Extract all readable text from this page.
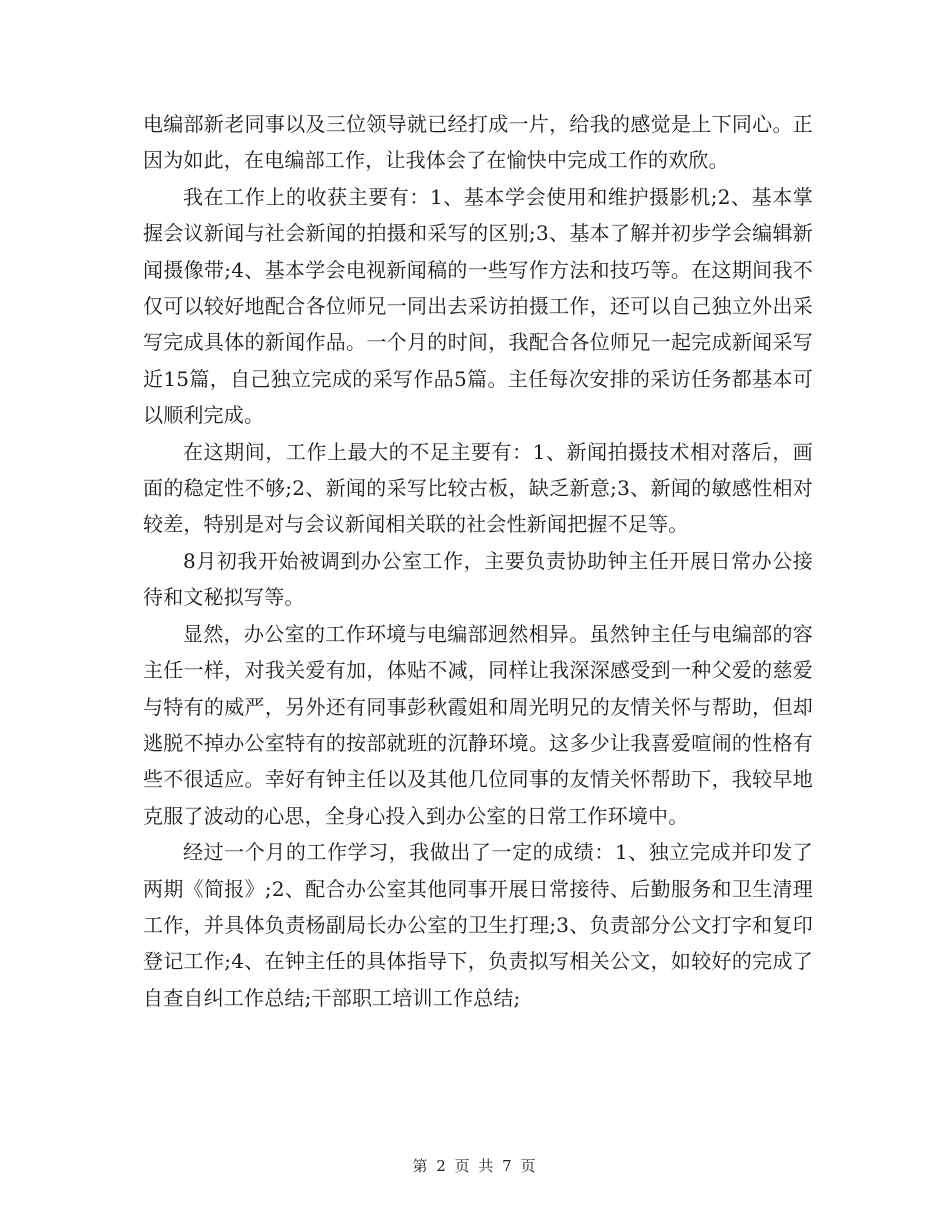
电编部新老同事以及三位领导就已经打成一片，给我的感觉是上下同心。正因为如此，在电编部工作，让我体会了在愉快中完成工作的欢欣。

我在工作上的收获主要有：1、基本学会使用和维护摄影机;2、基本掌握会议新闻与社会新闻的拍摄和采写的区别;3、基本了解并初步学会编辑新闻摄像带;4、基本学会电视新闻稿的一些写作方法和技巧等。在这期间我不仅可以较好地配合各位师兄一同出去采访拍摄工作，还可以自己独立外出采写完成具体的新闻作品。一个月的时间，我配合各位师兄一起完成新闻采写近15篇，自己独立完成的采写作品5篇。主任每次安排的采访任务都基本可以顺利完成。

在这期间，工作上最大的不足主要有：1、新闻拍摄技术相对落后，画面的稳定性不够;2、新闻的采写比较古板，缺乏新意;3、新闻的敏感性相对较差，特别是对与会议新闻相关联的社会性新闻把握不足等。

8月初我开始被调到办公室工作，主要负责协助钟主任开展日常办公接待和文秘拟写等。

显然，办公室的工作环境与电编部迥然相异。虽然钟主任与电编部的容主任一样，对我关爱有加，体贴不减，同样让我深深感受到一种父爱的慈爱与特有的威严，另外还有同事彭秋霞姐和周光明兄的友情关怀与帮助，但却逃脱不掉办公室特有的按部就班的沉静环境。这多少让我喜爱喧闹的性格有些不很适应。幸好有钟主任以及其他几位同事的友情关怀帮助下，我较早地克服了波动的心思，全身心投入到办公室的日常工作环境中。

经过一个月的工作学习，我做出了一定的成绩：1、独立完成并印发了两期《简报》;2、配合办公室其他同事开展日常接待、后勤服务和卫生清理工作，并具体负责杨副局长办公室的卫生打理;3、负责部分公文打字和复印登记工作;4、在钟主任的具体指导下，负责拟写相关公文，如较好的完成了自查自纠工作总结;干部职工培训工作总结;

第 2 页 共 7 页
